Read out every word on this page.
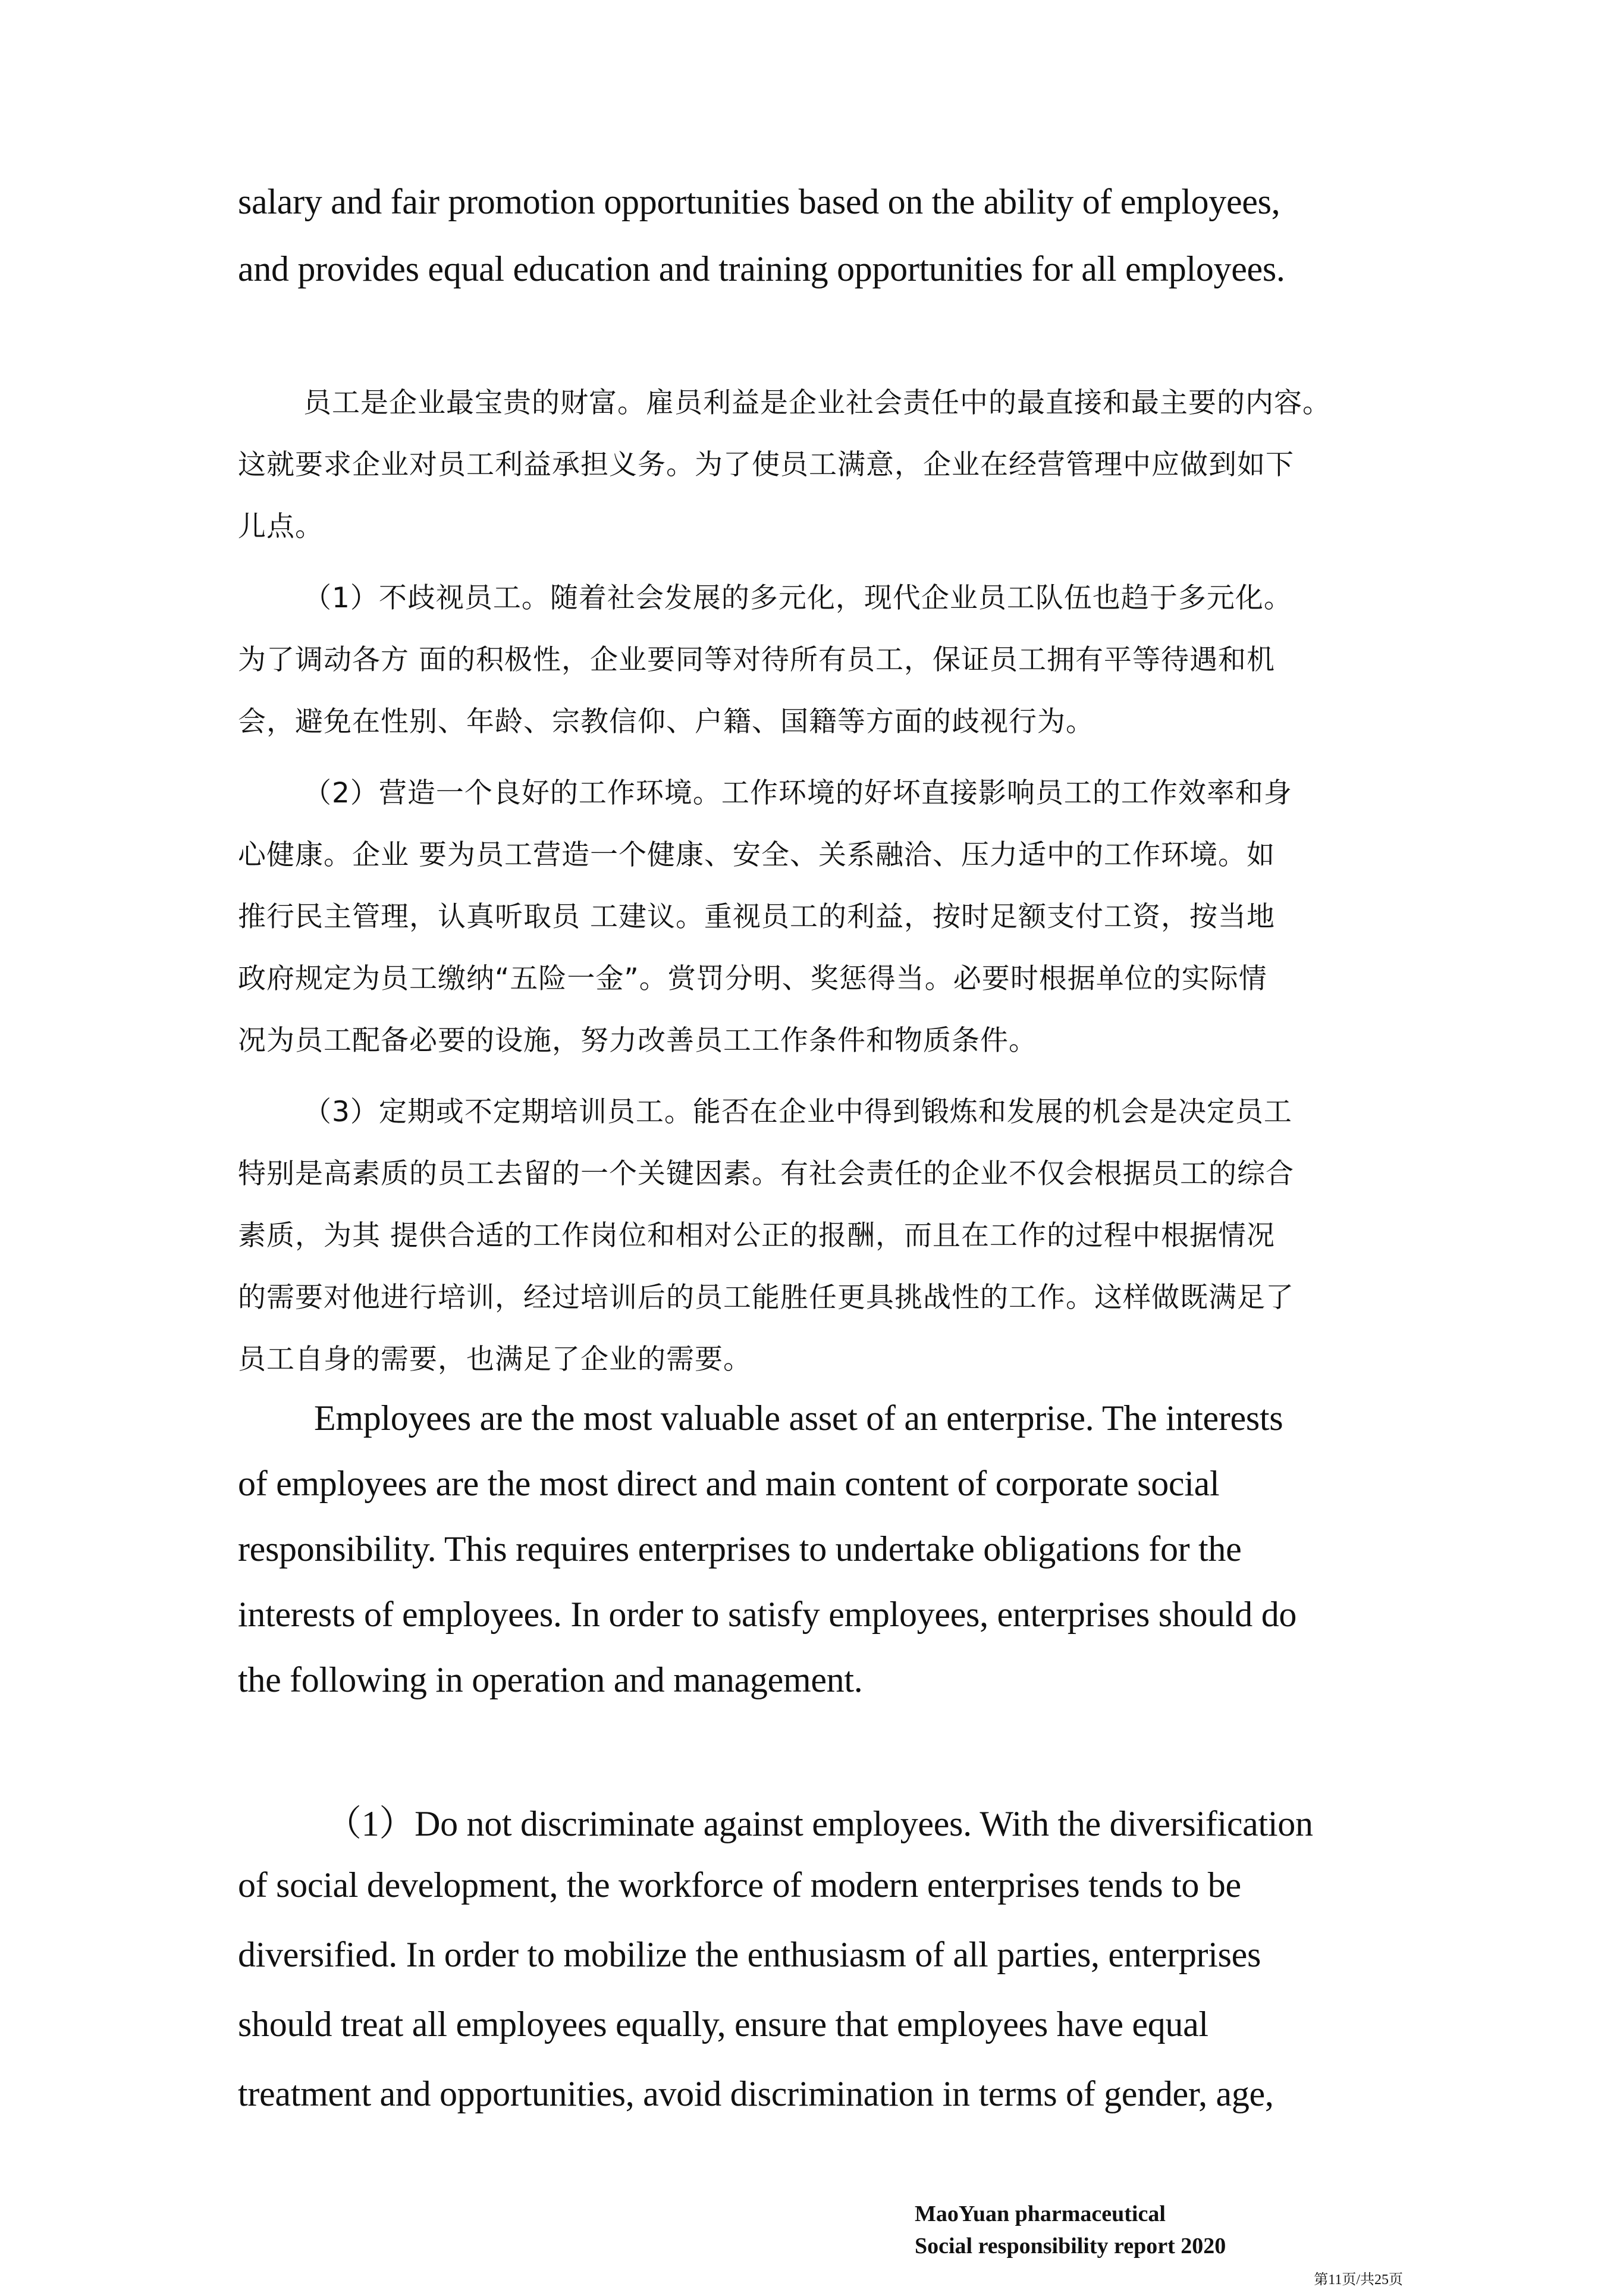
salary and fair promotion opportunities based on the ability of employees,

and provides equal education and training opportunities for all employees.

员工是企业最宝贵的财富。雇员利益是企业社会责任中的最直接和最主要的内容。

这就要求企业对员工利益承担义务。为了使员工满意，企业在经营管理中应做到如下

儿点。

（1）不歧视员工。随着社会发展的多元化，现代企业员工队伍也趋于多元化。

为了调动各方 面的积极性，企业要同等对待所有员工，保证员工拥有平等待遇和机

会，避免在性别、年龄、宗教信仰、户籍、国籍等方面的歧视行为。

（2）营造一个良好的工作环境。工作环境的好坏直接影响员工的工作效率和身

心健康。企业 要为员工营造一个健康、安全、关系融洽、压力适中的工作环境。如

推行民主管理，认真听取员 工建议。重视员工的利益，按时足额支付工资，按当地

政府规定为员工缴纳“五险一金”。赏罚分明、奖惩得当。必要时根据单位的实际情

况为员工配备必要的设施，努力改善员工工作条件和物质条件。

（3）定期或不定期培训员工。能否在企业中得到锻炼和发展的机会是决定员工

特别是高素质的员工去留的一个关键因素。有社会责任的企业不仅会根据员工的综合

素质，为其 提供合适的工作岗位和相对公正的报酬，而且在工作的过程中根据情况

的需要对他进行培训，经过培训后的员工能胜任更具挑战性的工作。这样做既满足了

员工自身的需要，也满足了企业的需要。

Employees are the most valuable asset of an enterprise. The interests

of employees are the most direct and main content of corporate social

responsibility. This requires enterprises to undertake obligations for the

interests of employees. In order to satisfy employees, enterprises should do

the following in operation and management.

（1）Do not discriminate against employees. With the diversification

of social development, the workforce of modern enterprises tends to be

diversified. In order to mobilize the enthusiasm of all parties, enterprises

should treat all employees equally, ensure that employees have equal

treatment and opportunities, avoid discrimination in terms of gender, age,

MaoYuan pharmaceutical

Social responsibility report 2020

第11页/共25页
